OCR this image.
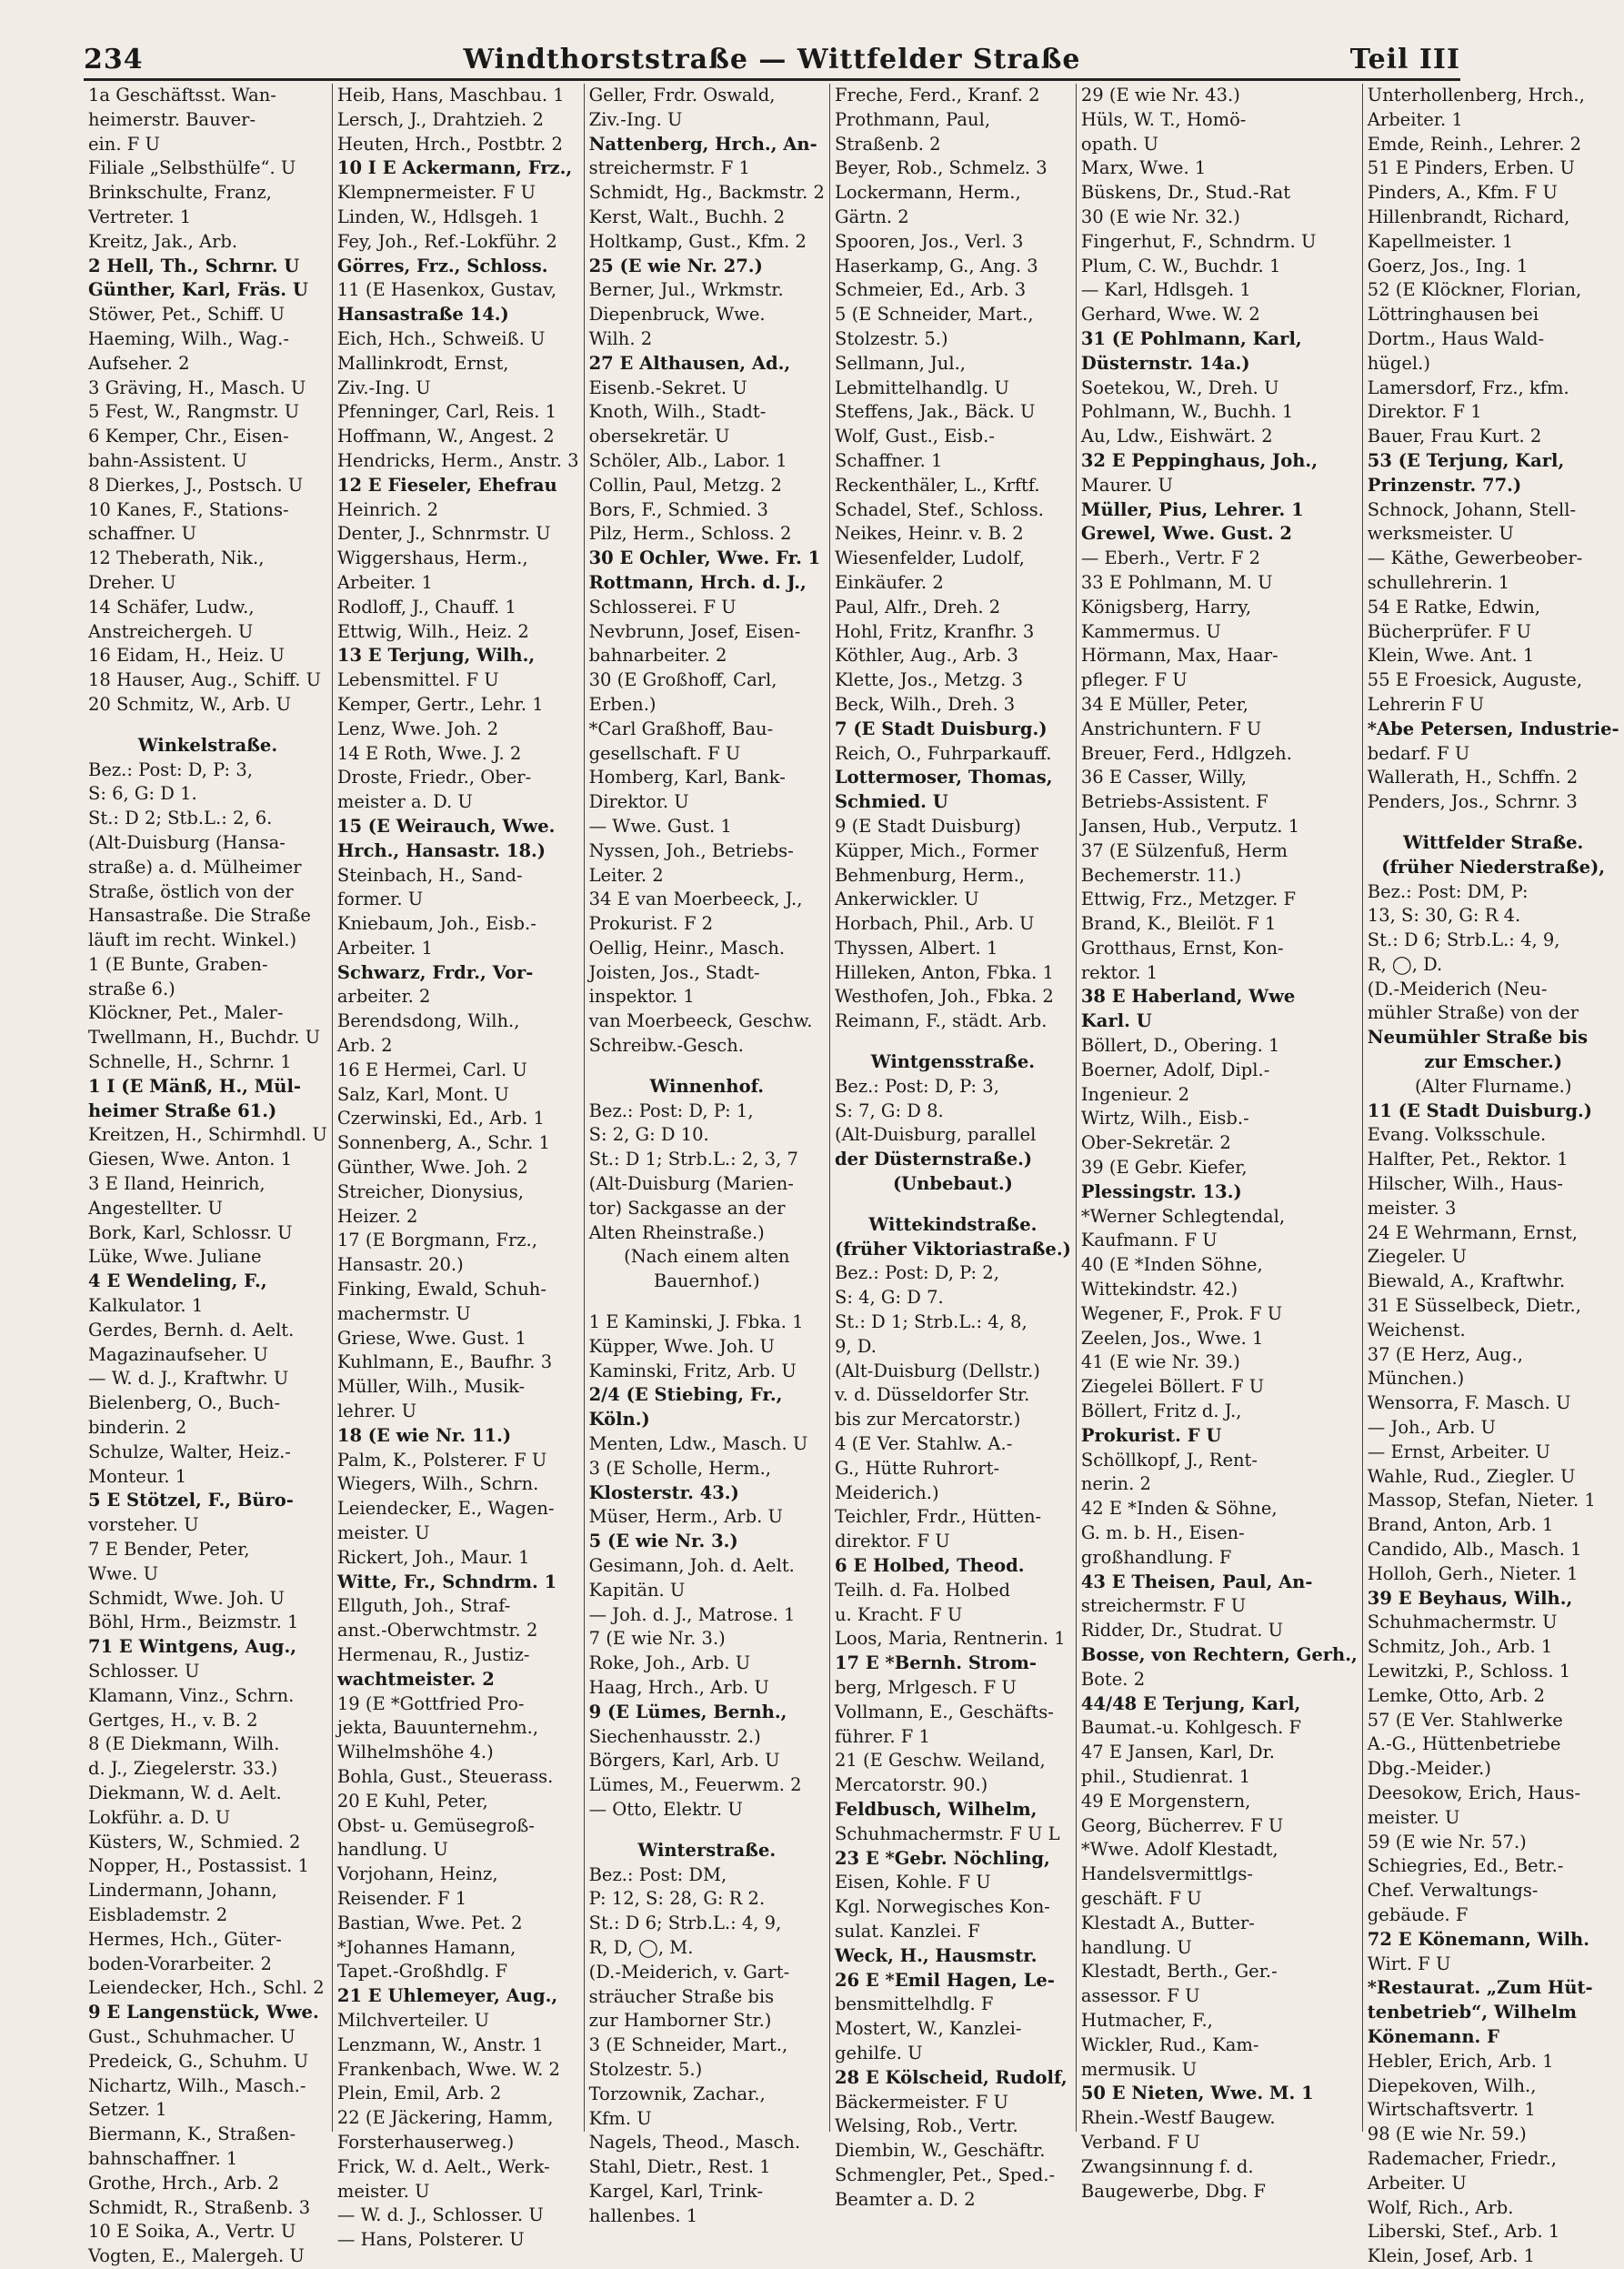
234	Windthorststraße — Wittfelder Straße	Teil III
1a Geschäftsst. Wan-
heimerstr. Bauver-
ein. F U
Filiale „Selbsthülfe“. U
Brinkschulte, Franz,
Vertreter. 1
Kreitz, Jak., Arb.
2 Hell, Th., Schrnr. U
Günther, Karl, Fräs. U
Stöwer, Pet., Schiff. U
Haeming, Wilh., Wag.-
Aufseher. 2
3 Gräving, H., Masch. U
5 Fest, W., Rangmstr. U
6 Kemper, Chr., Eisen-
bahn-Assistent. U
8 Dierkes, J., Postsch. U
10 Kanes, F., Stations-
schaffner. U
12 Theberath, Nik.,
Dreher. U
14 Schäfer, Ludw.,
Anstreichergeh. U
16 Eidam, H., Heiz. U
18 Hauser, Aug., Schiff. U
20 Schmitz, W., Arb. U
Winkelstraße.
Bez.: Post: D, P: 3,
S: 6, G: D 1.
St.: D 2; Stb.L.: 2, 6.
(Alt-Duisburg (Hansa-
straße) a. d. Mülheimer
Straße, östlich von der
Hansastraße. Die Straße
läuft im recht. Winkel.)
1 (E Bunte, Graben-
straße 6.)
Klöckner, Pet., Maler-
Twellmann, H., Buchdr. U
Schnelle, H., Schrnr. 1
1 I (E Mänß, H., Mül-
heimer Straße 61.)
Kreitzen, H., Schirmhdl. U
Giesen, Wwe. Anton. 1
3 E Iland, Heinrich,
Angestellter. U
Bork, Karl, Schlossr. U
Lüke, Wwe. Juliane
4 E Wendeling, F.,
Kalkulator. 1
Gerdes, Bernh. d. Aelt.
Magazinaufseher. U
— W. d. J., Kraftwhr. U
Bielenberg, O., Buch-
binderin. 2
Schulze, Walter, Heiz.-
Monteur. 1
5 E Stötzel, F., Büro-
vorsteher. U
7 E Bender, Peter,
Wwe. U
Schmidt, Wwe. Joh. U
Böhl, Hrm., Beizmstr. 1
71 E Wintgens, Aug.,
Schlosser. U
Klamann, Vinz., Schrn.
Gertges, H., v. B. 2
8 (E Diekmann, Wilh.
d. J., Ziegelerstr. 33.)
Diekmann, W. d. Aelt.
Lokführ. a. D. U
Küsters, W., Schmied. 2
Nopper, H., Postassist. 1
Lindermann, Johann,
Eisblademstr. 2
Hermes, Hch., Güter-
boden-Vorarbeiter. 2
Leiendecker, Hch., Schl. 2
9 E Langenstück, Wwe.
Gust., Schuhmacher. U
Predeick, G., Schuhm. U
Nichartz, Wilh., Masch.-
Setzer. 1
Biermann, K., Straßen-
bahnschaffner. 1
Grothe, Hrch., Arb. 2
Schmidt, R., Straßenb. 3
10 E Soika, A., Vertr. U
Vogten, E., Malergeh. U
Heib, Hans, Maschbau. 1
Lersch, J., Drahtzieh. 2
Heuten, Hrch., Postbtr. 2
10 I E Ackermann, Frz.,
Klempnermeister. F U
Linden, W., Hdlsgeh. 1
Fey, Joh., Ref.-Lokführ. 2
Görres, Frz., Schloss.
11 (E Hasenkox, Gustav,
Hansastraße 14.)
Eich, Hch., Schweiß. U
Mallinkrodt, Ernst,
Ziv.-Ing. U
Pfenninger, Carl, Reis. 1
Hoffmann, W., Angest. 2
Hendricks, Herm., Anstr. 3
12 E Fieseler, Ehefrau
Heinrich. 2
Denter, J., Schnrmstr. U
Wiggershaus, Herm.,
Arbeiter. 1
Rodloff, J., Chauff. 1
Ettwig, Wilh., Heiz. 2
13 E Terjung, Wilh.,
Lebensmittel. F U
Kemper, Gertr., Lehr. 1
Lenz, Wwe. Joh. 2
14 E Roth, Wwe. J. 2
Droste, Friedr., Ober-
meister a. D. U
15 (E Weirauch, Wwe.
Hrch., Hansastr. 18.)
Steinbach, H., Sand-
former. U
Kniebaum, Joh., Eisb.-
Arbeiter. 1
Schwarz, Frdr., Vor-
arbeiter. 2
Berendsdong, Wilh.,
Arb. 2
16 E Hermei, Carl. U
Salz, Karl, Mont. U
Czerwinski, Ed., Arb. 1
Sonnenberg, A., Schr. 1
Günther, Wwe. Joh. 2
Streicher, Dionysius,
Heizer. 2
17 (E Borgmann, Frz.,
Hansastr. 20.)
Finking, Ewald, Schuh-
machermstr. U
Griese, Wwe. Gust. 1
Kuhlmann, E., Baufhr. 3
Müller, Wilh., Musik-
lehrer. U
18 (E wie Nr. 11.)
Palm, K., Polsterer. F U
Wiegers, Wilh., Schrn.
Leiendecker, E., Wagen-
meister. U
Rickert, Joh., Maur. 1
Witte, Fr., Schndrm. 1
Ellguth, Joh., Straf-
anst.-Oberwchtmstr. 2
Hermenau, R., Justiz-
wachtmeister. 2
19 (E *Gottfried Pro-
jekta, Bauunternehm.,
Wilhelmshöhe 4.)
Bohla, Gust., Steuerass.
20 E Kuhl, Peter,
Obst- u. Gemüsegroß-
handlung. U
Vorjohann, Heinz,
Reisender. F 1
Bastian, Wwe. Pet. 2
*Johannes Hamann,
Tapet.-Großhdlg. F
21 E Uhlemeyer, Aug.,
Milchverteiler. U
Lenzmann, W., Anstr. 1
Frankenbach, Wwe. W. 2
Plein, Emil, Arb. 2
22 (E Jäckering, Hamm,
Forsterhauserweg.)
Frick, W. d. Aelt., Werk-
meister. U
— W. d. J., Schlosser. U
— Hans, Polsterer. U
Geller, Frdr. Oswald,
Ziv.-Ing. U
Nattenberg, Hrch., An-
streichermstr. F 1
Schmidt, Hg., Backmstr. 2
Kerst, Walt., Buchh. 2
Holtkamp, Gust., Kfm. 2
25 (E wie Nr. 27.)
Berner, Jul., Wrkmstr.
Diepenbruck, Wwe.
Wilh. 2
27 E Althausen, Ad.,
Eisenb.-Sekret. U
Knoth, Wilh., Stadt-
obersekretär. U
Schöler, Alb., Labor. 1
Collin, Paul, Metzg. 2
Bors, F., Schmied. 3
Pilz, Herm., Schloss. 2
30 E Ochler, Wwe. Fr. 1
Rottmann, Hrch. d. J.,
Schlosserei. F U
Nevbrunn, Josef, Eisen-
bahnarbeiter. 2
30 (E Großhoff, Carl,
Erben.)
*Carl Graßhoff, Bau-
gesellschaft. F U
Homberg, Karl, Bank-
Direktor. U
— Wwe. Gust. 1
Nyssen, Joh., Betriebs-
Leiter. 2
34 E van Moerbeeck, J.,
Prokurist. F 2
Oellig, Heinr., Masch.
Joisten, Jos., Stadt-
inspektor. 1
van Moerbeeck, Geschw.
Schreibw.-Gesch.
Winnenhof.
Bez.: Post: D, P: 1,
S: 2, G: D 10.
St.: D 1; Strb.L.: 2, 3, 7
(Alt-Duisburg (Marien-
tor) Sackgasse an der
Alten Rheinstraße.)
(Nach einem alten
Bauernhof.)
1 E Kaminski, J. Fbka. 1
Küpper, Wwe. Joh. U
Kaminski, Fritz, Arb. U
2/4 (E Stiebing, Fr.,
Köln.)
Menten, Ldw., Masch. U
3 (E Scholle, Herm.,
Klosterstr. 43.)
Müser, Herm., Arb. U
5 (E wie Nr. 3.)
Gesimann, Joh. d. Aelt.
Kapitän. U
— Joh. d. J., Matrose. 1
7 (E wie Nr. 3.)
Roke, Joh., Arb. U
Haag, Hrch., Arb. U
9 (E Lümes, Bernh.,
Siechenhausstr. 2.)
Börgers, Karl, Arb. U
Lümes, M., Feuerwm. 2
— Otto, Elektr. U
Winterstraße.
Bez.: Post: DM,
P: 12, S: 28, G: R 2.
St.: D 6; Strb.L.: 4, 9,
R, D, ◯, M.
(D.-Meiderich, v. Gart-
sträucher Straße bis
zur Hamborner Str.)
3 (E Schneider, Mart.,
Stolzestr. 5.)
Torzownik, Zachar.,
Kfm. U
Nagels, Theod., Masch.
Stahl, Dietr., Rest. 1
Kargel, Karl, Trink-
hallenbes. 1
Freche, Ferd., Kranf. 2
Prothmann, Paul,
Straßenb. 2
Beyer, Rob., Schmelz. 3
Lockermann, Herm.,
Gärtn. 2
Spooren, Jos., Verl. 3
Haserkamp, G., Ang. 3
Schmeier, Ed., Arb. 3
5 (E Schneider, Mart.,
Stolzestr. 5.)
Sellmann, Jul.,
Lebmittelhandlg. U
Steffens, Jak., Bäck. U
Wolf, Gust., Eisb.-
Schaffner. 1
Reckenthäler, L., Krftf.
Schadel, Stef., Schloss.
Neikes, Heinr. v. B. 2
Wiesenfelder, Ludolf,
Einkäufer. 2
Paul, Alfr., Dreh. 2
Hohl, Fritz, Kranfhr. 3
Köthler, Aug., Arb. 3
Klette, Jos., Metzg. 3
Beck, Wilh., Dreh. 3
7 (E Stadt Duisburg.)
Reich, O., Fuhrparkauff.
Lottermoser, Thomas,
Schmied. U
9 (E Stadt Duisburg)
Küpper, Mich., Former
Behmenburg, Herm.,
Ankerwickler. U
Horbach, Phil., Arb. U
Thyssen, Albert. 1
Hilleken, Anton, Fbka. 1
Westhofen, Joh., Fbka. 2
Reimann, F., städt. Arb.
Wintgensstraße.
Bez.: Post: D, P: 3,
S: 7, G: D 8.
(Alt-Duisburg, parallel
der Düsternstraße.)
(Unbebaut.)
Wittekindstraße.
(früher Viktoriastraße.)
Bez.: Post: D, P: 2,
S: 4, G: D 7.
St.: D 1; Strb.L.: 4, 8,
9, D.
(Alt-Duisburg (Dellstr.)
v. d. Düsseldorfer Str.
bis zur Mercatorstr.)
4 (E Ver. Stahlw. A.-
G., Hütte Ruhrort-
Meiderich.)
Teichler, Frdr., Hütten-
direktor. F U
6 E Holbed, Theod.
Teilh. d. Fa. Holbed
u. Kracht. F U
Loos, Maria, Rentnerin. 1
17 E *Bernh. Strom-
berg, Mrlgesch. F U
Vollmann, E., Geschäfts-
führer. F 1
21 (E Geschw. Weiland,
Mercatorstr. 90.)
Feldbusch, Wilhelm,
Schuhmachermstr. F U L
23 E *Gebr. Nöchling,
Eisen, Kohle. F U
Kgl. Norwegisches Kon-
sulat. Kanzlei. F
Weck, H., Hausmstr.
26 E *Emil Hagen, Le-
bensmittelhdlg. F
Mostert, W., Kanzlei-
gehilfe. U
28 E Kölscheid, Rudolf,
Bäckermeister. F U
Welsing, Rob., Vertr.
Diembin, W., Geschäftr.
Schmengler, Pet., Sped.-
Beamter a. D. 2
29 (E wie Nr. 43.)
Hüls, W. T., Homö-
opath. U
Marx, Wwe. 1
Büskens, Dr., Stud.-Rat
30 (E wie Nr. 32.)
Fingerhut, F., Schndrm. U
Plum, C. W., Buchdr. 1
— Karl, Hdlsgeh. 1
Gerhard, Wwe. W. 2
31 (E Pohlmann, Karl,
Düsternstr. 14a.)
Soetekou, W., Dreh. U
Pohlmann, W., Buchh. 1
Au, Ldw., Eishwärt. 2
32 E Peppinghaus, Joh.,
Maurer. U
Müller, Pius, Lehrer. 1
Grewel, Wwe. Gust. 2
— Eberh., Vertr. F 2
33 E Pohlmann, M. U
Königsberg, Harry,
Kammermus. U
Hörmann, Max, Haar-
pfleger. F U
34 E Müller, Peter,
Anstrichuntern. F U
Breuer, Ferd., Hdlgzeh.
36 E Casser, Willy,
Betriebs-Assistent. F
Jansen, Hub., Verputz. 1
37 (E Sülzenfuß, Herm
Bechemerstr. 11.)
Ettwig, Frz., Metzger. F
Brand, K., Bleilöt. F 1
Grotthaus, Ernst, Kon-
rektor. 1
38 E Haberland, Wwe
Karl. U
Böllert, D., Obering. 1
Boerner, Adolf, Dipl.-
Ingenieur. 2
Wirtz, Wilh., Eisb.-
Ober-Sekretär. 2
39 (E Gebr. Kiefer,
Plessingstr. 13.)
*Werner Schlegtendal,
Kaufmann. F U
40 (E *Inden Söhne,
Wittekindstr. 42.)
Wegener, F., Prok. F U
Zeelen, Jos., Wwe. 1
41 (E wie Nr. 39.)
Ziegelei Böllert. F U
Böllert, Fritz d. J.,
Prokurist. F U
Schöllkopf, J., Rent-
nerin. 2
42 E *Inden & Söhne,
G. m. b. H., Eisen-
großhandlung. F
43 E Theisen, Paul, An-
streichermstr. F U
Ridder, Dr., Studrat. U
Bosse, von Rechtern, Gerh.,
Bote. 2
44/48 E Terjung, Karl,
Baumat.-u. Kohlgesch. F
47 E Jansen, Karl, Dr.
phil., Studienrat. 1
49 E Morgenstern,
Georg, Bücherrev. F U
*Wwe. Adolf Klestadt,
Handelsvermittlgs-
geschäft. F U
Klestadt A., Butter-
handlung. U
Klestadt, Berth., Ger.-
assessor. F U
Hutmacher, F.,
Wickler, Rud., Kam-
mermusik. U
50 E Nieten, Wwe. M. 1
Rhein.-Westf Baugew.
Verband. F U
Zwangsinnung f. d.
Baugewerbe, Dbg. F
Unterhollenberg, Hrch.,
Arbeiter. 1
Emde, Reinh., Lehrer. 2
51 E Pinders, Erben. U
Pinders, A., Kfm. F U
Hillenbrandt, Richard,
Kapellmeister. 1
Goerz, Jos., Ing. 1
52 (E Klöckner, Florian,
Löttringhausen bei
Dortm., Haus Wald-
hügel.)
Lamersdorf, Frz., kfm.
Direktor. F 1
Bauer, Frau Kurt. 2
53 (E Terjung, Karl,
Prinzenstr. 77.)
Schnock, Johann, Stell-
werksmeister. U
— Käthe, Gewerbeober-
schullehrerin. 1
54 E Ratke, Edwin,
Bücherprüfer. F U
Klein, Wwe. Ant. 1
55 E Froesick, Auguste,
Lehrerin F U
*Abe Petersen, Industrie-
bedarf. F U
Wallerath, H., Schffn. 2
Penders, Jos., Schrnr. 3
Wittfelder Straße.
(früher Niederstraße),
Bez.: Post: DM, P:
13, S: 30, G: R 4.
St.: D 6; Strb.L.: 4, 9,
R, ◯, D.
(D.-Meiderich (Neu-
mühler Straße) von der
Neumühler Straße bis
zur Emscher.)
(Alter Flurname.)
11 (E Stadt Duisburg.)
Evang. Volksschule.
Halfter, Pet., Rektor. 1
Hilscher, Wilh., Haus-
meister. 3
24 E Wehrmann, Ernst,
Ziegeler. U
Biewald, A., Kraftwhr.
31 E Süsselbeck, Dietr.,
Weichenst.
37 (E Herz, Aug.,
München.)
Wensorra, F. Masch. U
— Joh., Arb. U
— Ernst, Arbeiter. U
Wahle, Rud., Ziegler. U
Massop, Stefan, Nieter. 1
Brand, Anton, Arb. 1
Candido, Alb., Masch. 1
Holloh, Gerh., Nieter. 1
39 E Beyhaus, Wilh.,
Schuhmachermstr. U
Schmitz, Joh., Arb. 1
Lewitzki, P., Schloss. 1
Lemke, Otto, Arb. 2
57 (E Ver. Stahlwerke
A.-G., Hüttenbetriebe
Dbg.-Meider.)
Deesokow, Erich, Haus-
meister. U
59 (E wie Nr. 57.)
Schiegries, Ed., Betr.-
Chef. Verwaltungs-
gebäude. F
72 E Könemann, Wilh.
Wirt. F U
*Restaurat. „Zum Hüt-
tenbetrieb“, Wilhelm
Könemann. F
Hebler, Erich, Arb. 1
Diepekoven, Wilh.,
Wirtschaftsvertr. 1
98 (E wie Nr. 59.)
Rademacher, Friedr.,
Arbeiter. U
Wolf, Rich., Arb.
Liberski, Stef., Arb. 1
Klein, Josef, Arb. 1
